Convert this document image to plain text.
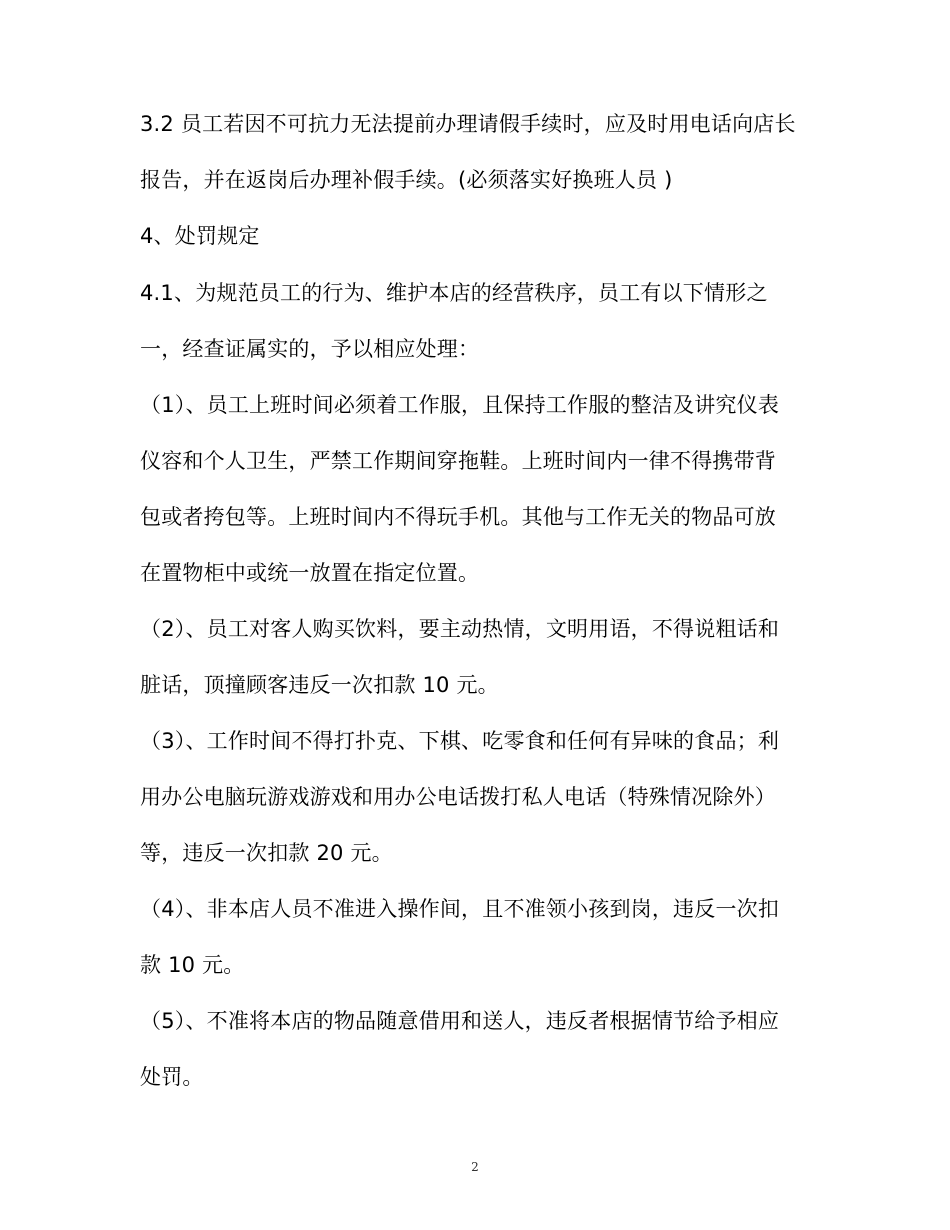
3.2 员工若因不可抗力无法提前办理请假手续时，应及时用电话向店长
报告，并在返岗后办理补假手续。(必须落实好换班人员 )
4、处罚规定
4.1、为规范员工的行为、维护本店的经营秩序，员工有以下情形之
一，经查证属实的，予以相应处理：
（1）、员工上班时间必须着工作服，且保持工作服的整洁及讲究仪表
仪容和个人卫生，严禁工作期间穿拖鞋。上班时间内一律不得携带背
包或者挎包等。上班时间内不得玩手机。其他与工作无关的物品可放
在置物柜中或统一放置在指定位置。
（2）、员工对客人购买饮料，要主动热情，文明用语，不得说粗话和
脏话，顶撞顾客违反一次扣款 10 元。
（3）、工作时间不得打扑克、下棋、吃零食和任何有异味的食品；利
用办公电脑玩游戏游戏和用办公电话拨打私人电话（特殊情况除外）
等，违反一次扣款 20 元。
（4）、非本店人员不准进入操作间，且不准领小孩到岗，违反一次扣
款 10 元。
（5）、不准将本店的物品随意借用和送人，违反者根据情节给予相应
处罚。
2
